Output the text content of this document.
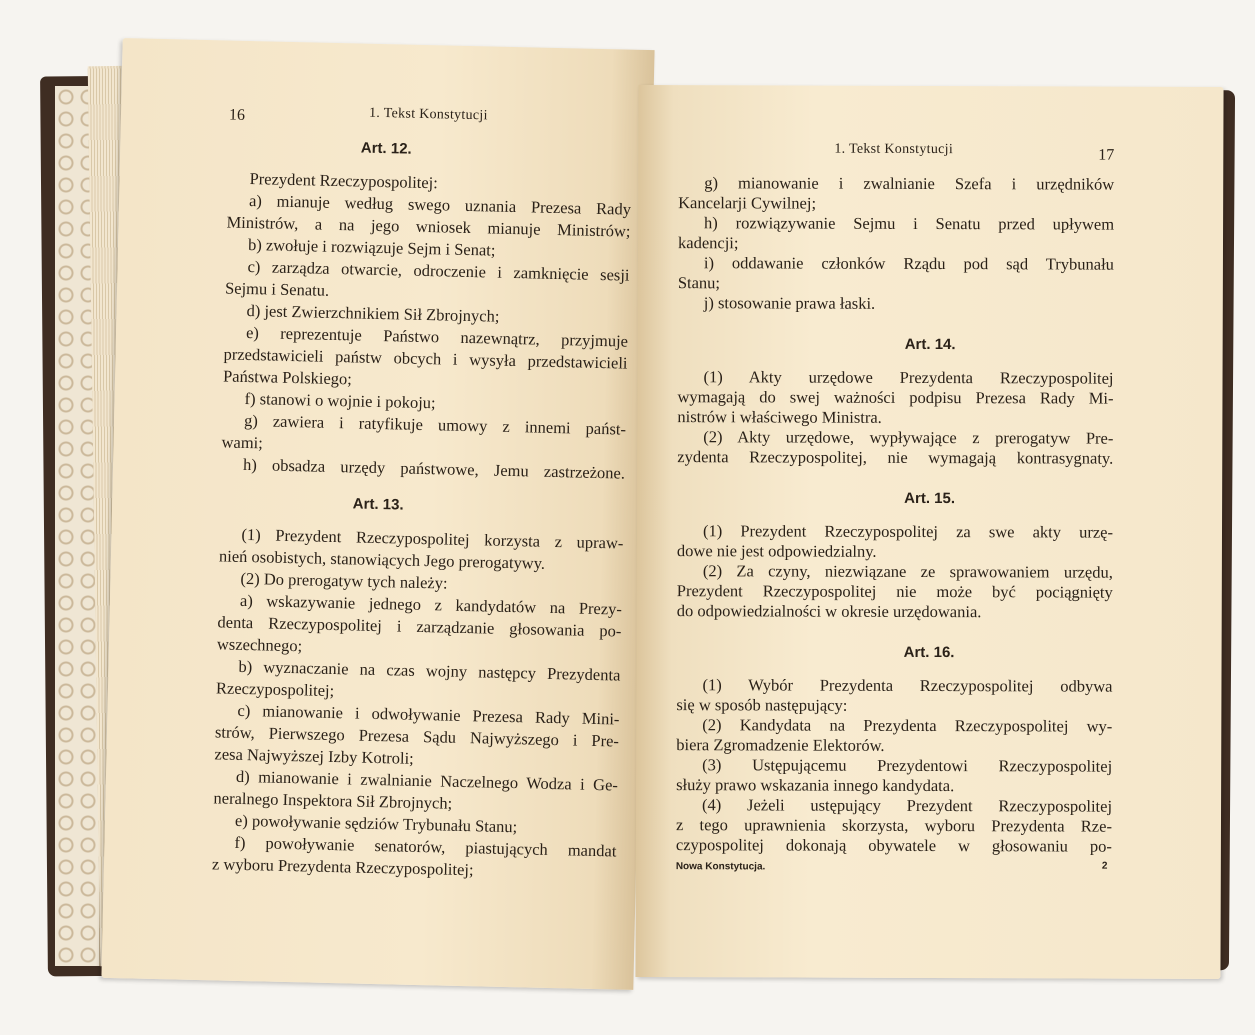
16	1. Tekst Konstytucji
Art. 12.
Prezydent Rzeczypospolitej:
a) mianuje według swego uznania Prezesa Rady
Ministrów, a na jego wniosek mianuje Ministrów;
b) zwołuje i rozwiązuje Sejm i Senat;
c) zarządza otwarcie, odroczenie i zamknięcie sesji
Sejmu i Senatu.
d) jest Zwierzchnikiem Sił Zbrojnych;
e) reprezentuje Państwo nazewnątrz, przyjmuje
przedstawicieli państw obcych i wysyła przedstawicieli
Państwa Polskiego;
f) stanowi o wojnie i pokoju;
g) zawiera i ratyfikuje umowy z innemi państ-
wami;
h) obsadza urzędy państwowe, Jemu zastrzeżone.
Art. 13.
(1) Prezydent Rzeczypospolitej korzysta z upraw-
nień osobistych, stanowiących Jego prerogatywy.
(2) Do prerogatyw tych należy:
a) wskazywanie jednego z kandydatów na Prezy-
denta Rzeczypospolitej i zarządzanie głosowania po-
wszechnego;
b) wyznaczanie na czas wojny następcy Prezydenta
Rzeczypospolitej;
c) mianowanie i odwoływanie Prezesa Rady Mini-
strów, Pierwszego Prezesa Sądu Najwyższego i Pre-
zesa Najwyższej Izby Kotroli;
d) mianowanie i zwalnianie Naczelnego Wodza i Ge-
neralnego Inspektora Sił Zbrojnych;
e) powoływanie sędziów Trybunału Stanu;
f) powoływanie senatorów, piastujących mandat
z wyboru Prezydenta Rzeczypospolitej;
1. Tekst Konstytucji	17
g) mianowanie i zwalnianie Szefa i urzędników
Kancelarji Cywilnej;
h) rozwiązywanie Sejmu i Senatu przed upływem
kadencji;
i) oddawanie członków Rządu pod sąd Trybunału
Stanu;
j) stosowanie prawa łaski.
Art. 14.
(1) Akty urzędowe Prezydenta Rzeczypospolitej
wymagają do swej ważności podpisu Prezesa Rady Mi-
nistrów i właściwego Ministra.
(2) Akty urzędowe, wypływające z prerogatyw Pre-
zydenta Rzeczypospolitej, nie wymagają kontrasygnaty.
Art. 15.
(1) Prezydent Rzeczypospolitej za swe akty urzę-
dowe nie jest odpowiedzialny.
(2) Za czyny, niezwiązane ze sprawowaniem urzędu,
Prezydent Rzeczypospolitej nie może być pociągnięty
do odpowiedzialności w okresie urzędowania.
Art. 16.
(1) Wybór Prezydenta Rzeczypospolitej odbywa
się w sposób następujący:
(2) Kandydata na Prezydenta Rzeczypospolitej wy-
biera Zgromadzenie Elektorów.
(3) Ustępującemu Prezydentowi Rzeczypospolitej
służy prawo wskazania innego kandydata.
(4) Jeżeli ustępujący Prezydent Rzeczypospolitej
z tego uprawnienia skorzysta, wyboru Prezydenta Rze-
czypospolitej dokonają obywatele w głosowaniu po-
Nowa Konstytucja.	2
